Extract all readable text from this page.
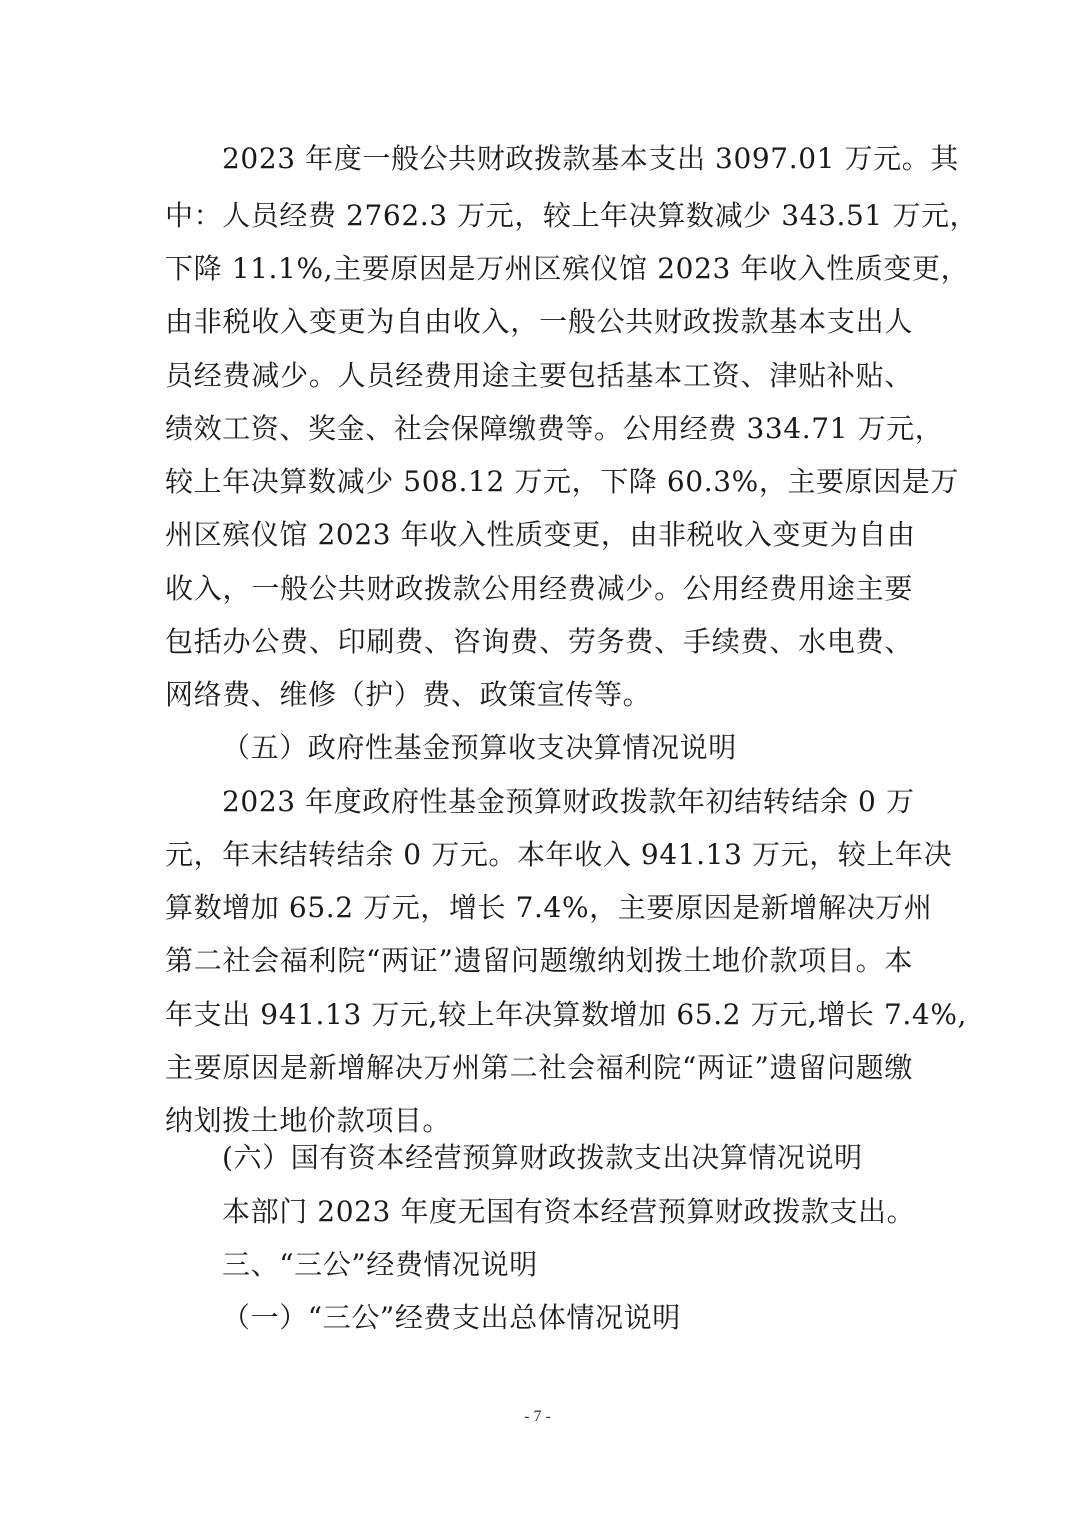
2023 年度一般公共财政拨款基本支出 3097.01 万元。其
中：人员经费 2762.3 万元，较上年决算数减少 343.51 万元，
下降 11.1%,主要原因是万州区殡仪馆 2023 年收入性质变更，
由非税收入变更为自由收入，一般公共财政拨款基本支出人
员经费减少。人员经费用途主要包括基本工资、津贴补贴、
绩效工资、奖金、社会保障缴费等。公用经费 334.71 万元，
较上年决算数减少 508.12 万元，下降 60.3%，主要原因是万
州区殡仪馆 2023 年收入性质变更，由非税收入变更为自由
收入，一般公共财政拨款公用经费减少。公用经费用途主要
包括办公费、印刷费、咨询费、劳务费、手续费、水电费、
网络费、维修（护）费、政策宣传等。
（五）政府性基金预算收支决算情况说明
2023 年度政府性基金预算财政拨款年初结转结余 0 万
元，年末结转结余 0 万元。本年收入 941.13 万元，较上年决
算数增加 65.2 万元，增长 7.4%，主要原因是新增解决万州
第二社会福利院“两证”遗留问题缴纳划拨土地价款项目。本
年支出 941.13 万元,较上年决算数增加 65.2 万元,增长 7.4%,
主要原因是新增解决万州第二社会福利院“两证”遗留问题缴
纳划拨土地价款项目。
(六）国有资本经营预算财政拨款支出决算情况说明
本部门 2023 年度无国有资本经营预算财政拨款支出。
三、“三公”经费情况说明
（一）“三公”经费支出总体情况说明
- 7 -
